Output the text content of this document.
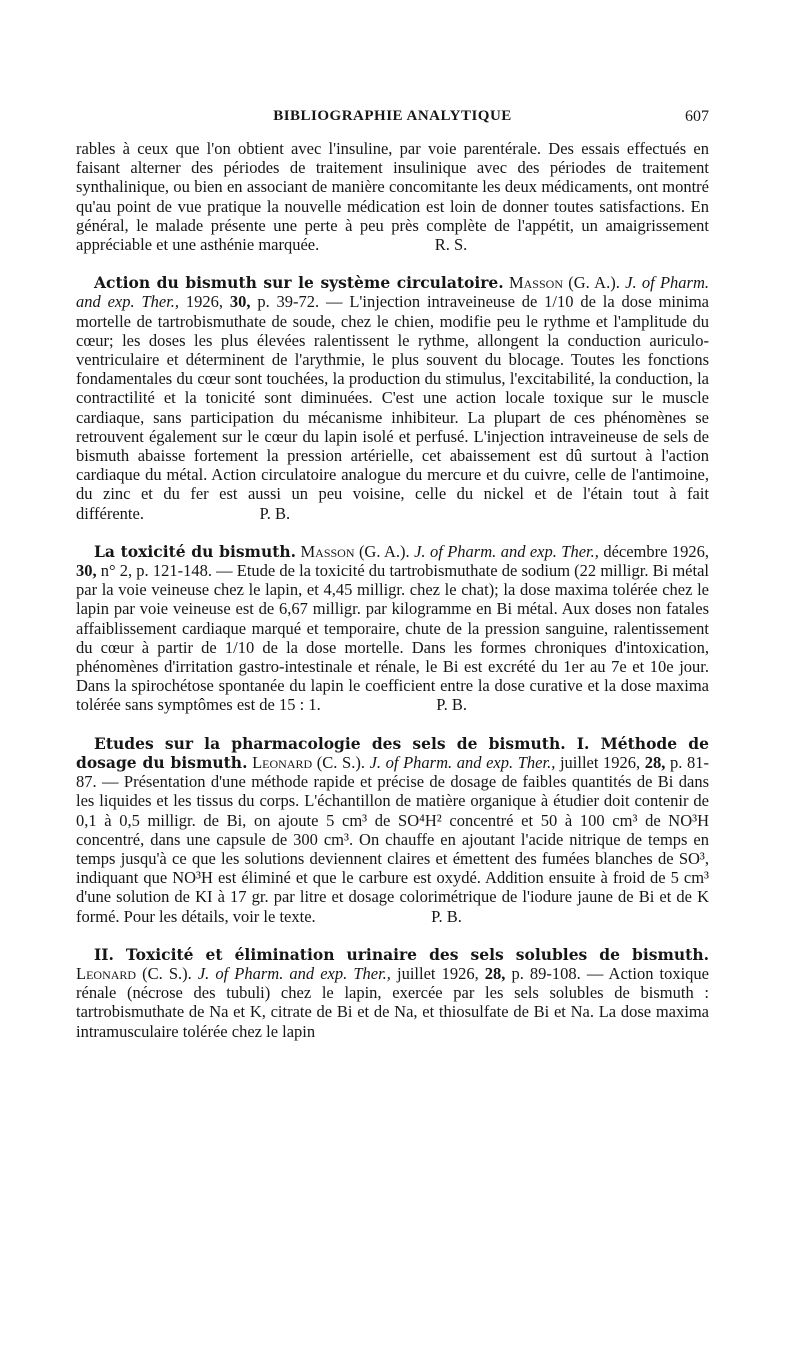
BIBLIOGRAPHIE ANALYTIQUE	607

rables à ceux que l'on obtient avec l'insuline, par voie parentérale. Des essais effectués en faisant alterner des périodes de traitement insulinique avec des périodes de traitement synthalinique, ou bien en associant de manière concomitante les deux médicaments, ont montré qu'au point de vue pratique la nouvelle médication est loin de donner toutes satisfactions. En général, le malade présente une perte à peu près complète de l'appétit, un amaigrissement appréciable et une asthénie marquée.       	R. S.

Action du bismuth sur le système circulatoire. Masson (G. A.). J. of Pharm. and exp. Ther., 1926, 30, p. 39-72. — L'injection intraveineuse de 1/10 de la dose minima mortelle de tartrobismuthate de soude, chez le chien, modifie peu le rythme et l'amplitude du cœur; les doses les plus élevées ralentissent le rythme, allongent la conduction auriculo-ventriculaire et déterminent de l'arythmie, le plus souvent du blocage. Toutes les fonctions fondamentales du cœur sont touchées, la production du stimulus, l'excitabilité, la conduction, la contractilité et la tonicité sont diminuées. C'est une action locale toxique sur le muscle cardiaque, sans participation du mécanisme inhibiteur. La plupart de ces phénomènes se retrouvent également sur le cœur du lapin isolé et perfusé. L'injection intraveineuse de sels de bismuth abaisse fortement la pression artérielle, cet abaissement est dû surtout à l'action cardiaque du métal. Action circulatoire analogue du mercure et du cuivre, celle de l'antimoine, du zinc et du fer est aussi un peu voisine, celle du nickel et de l'étain tout à fait différente.       	P. B.

La toxicité du bismuth. Masson (G. A.). J. of Pharm. and exp. Ther., décembre 1926, 30, n° 2, p. 121-148. — Etude de la toxicité du tartrobismuthate de sodium (22 milligr. Bi métal par la voie veineuse chez le lapin, et 4,45 milligr. chez le chat); la dose maxima tolérée chez le lapin par voie veineuse est de 6,67 milligr. par kilogramme en Bi métal. Aux doses non fatales affaiblissement cardiaque marqué et temporaire, chute de la pression sanguine, ralentissement du cœur à partir de 1/10 de la dose mortelle. Dans les formes chroniques d'intoxication, phénomènes d'irritation gastro-intestinale et rénale, le Bi est excrété du 1er au 7e et 10e jour. Dans la spirochétose spontanée du lapin le coefficient entre la dose curative et la dose maxima tolérée sans symptômes est de 15 : 1.       	P. B.

Etudes sur la pharmacologie des sels de bismuth. I. Méthode de dosage du bismuth. Leonard (C. S.). J. of Pharm. and exp. Ther., juillet 1926, 28, p. 81-87. — Présentation d'une méthode rapide et précise de dosage de faibles quantités de Bi dans les liquides et les tissus du corps. L'échantillon de matière organique à étudier doit contenir de 0,1 à 0,5 milligr. de Bi, on ajoute 5 cm³ de SO⁴H² concentré et 50 à 100 cm³ de NO³H concentré, dans une capsule de 300 cm³. On chauffe en ajoutant l'acide nitrique de temps en temps jusqu'à ce que les solutions deviennent claires et émettent des fumées blanches de SO³, indiquant que NO³H est éliminé et que le carbure est oxydé. Addition ensuite à froid de 5 cm³ d'une solution de KI à 17 gr. par litre et dosage colorimétrique de l'iodure jaune de Bi et de K formé. Pour les détails, voir le texte.       	P. B.

II. Toxicité et élimination urinaire des sels solubles de bismuth. Leonard (C. S.). J. of Pharm. and exp. Ther., juillet 1926, 28, p. 89-108. — Action toxique rénale (nécrose des tubuli) chez le lapin, exercée par les sels solubles de bismuth : tartrobismuthate de Na et K, citrate de Bi et de Na, et thiosulfate de Bi et Na. La dose maxima intramusculaire tolérée chez le lapin
